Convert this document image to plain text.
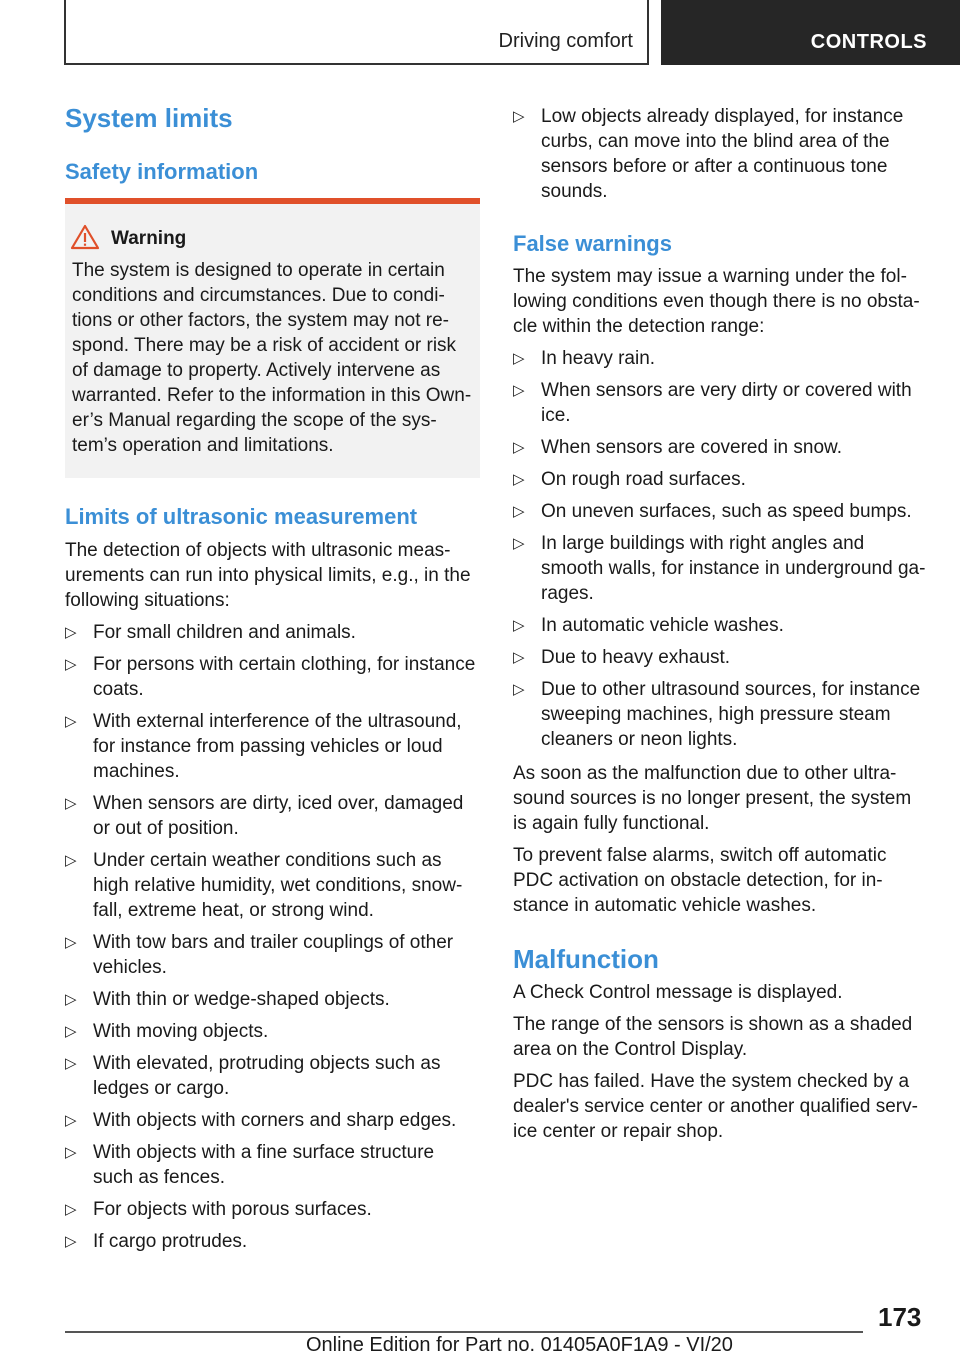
Driving comfort	CONTROLS
System limits
Safety information
Warning
The system is designed to operate in certain
conditions and circumstances. Due to condi‐
tions or other factors, the system may not re‐
spond. There may be a risk of accident or risk
of damage to property. Actively intervene as
warranted. Refer to the information in this Own‐
er’s Manual regarding the scope of the sys‐
tem’s operation and limitations.
Limits of ultrasonic measurement
The detection of objects with ultrasonic meas‐
urements can run into physical limits, e.g., in the
following situations:
▷ For small children and animals.
▷ For persons with certain clothing, for instance
coats.
▷ With external interference of the ultrasound,
for instance from passing vehicles or loud
machines.
▷ When sensors are dirty, iced over, damaged
or out of position.
▷ Under certain weather conditions such as
high relative humidity, wet conditions, snow‐
fall, extreme heat, or strong wind.
▷ With tow bars and trailer couplings of other
vehicles.
▷ With thin or wedge-shaped objects.
▷ With moving objects.
▷ With elevated, protruding objects such as
ledges or cargo.
▷ With objects with corners and sharp edges.
▷ With objects with a fine surface structure
such as fences.
▷ For objects with porous surfaces.
▷ If cargo protrudes.
▷ Low objects already displayed, for instance
curbs, can move into the blind area of the
sensors before or after a continuous tone
sounds.
False warnings
The system may issue a warning under the fol‐
lowing conditions even though there is no obsta‐
cle within the detection range:
▷ In heavy rain.
▷ When sensors are very dirty or covered with
ice.
▷ When sensors are covered in snow.
▷ On rough road surfaces.
▷ On uneven surfaces, such as speed bumps.
▷ In large buildings with right angles and
smooth walls, for instance in underground ga‐
rages.
▷ In automatic vehicle washes.
▷ Due to heavy exhaust.
▷ Due to other ultrasound sources, for instance
sweeping machines, high pressure steam
cleaners or neon lights.
As soon as the malfunction due to other ultra‐
sound sources is no longer present, the system
is again fully functional.
To prevent false alarms, switch off automatic
PDC activation on obstacle detection, for in‐
stance in automatic vehicle washes.
Malfunction
A Check Control message is displayed.
The range of the sensors is shown as a shaded
area on the Control Display.
PDC has failed. Have the system checked by a
dealer's service center or another qualified serv‐
ice center or repair shop.
173
Online Edition for Part no. 01405A0F1A9 - VI/20
